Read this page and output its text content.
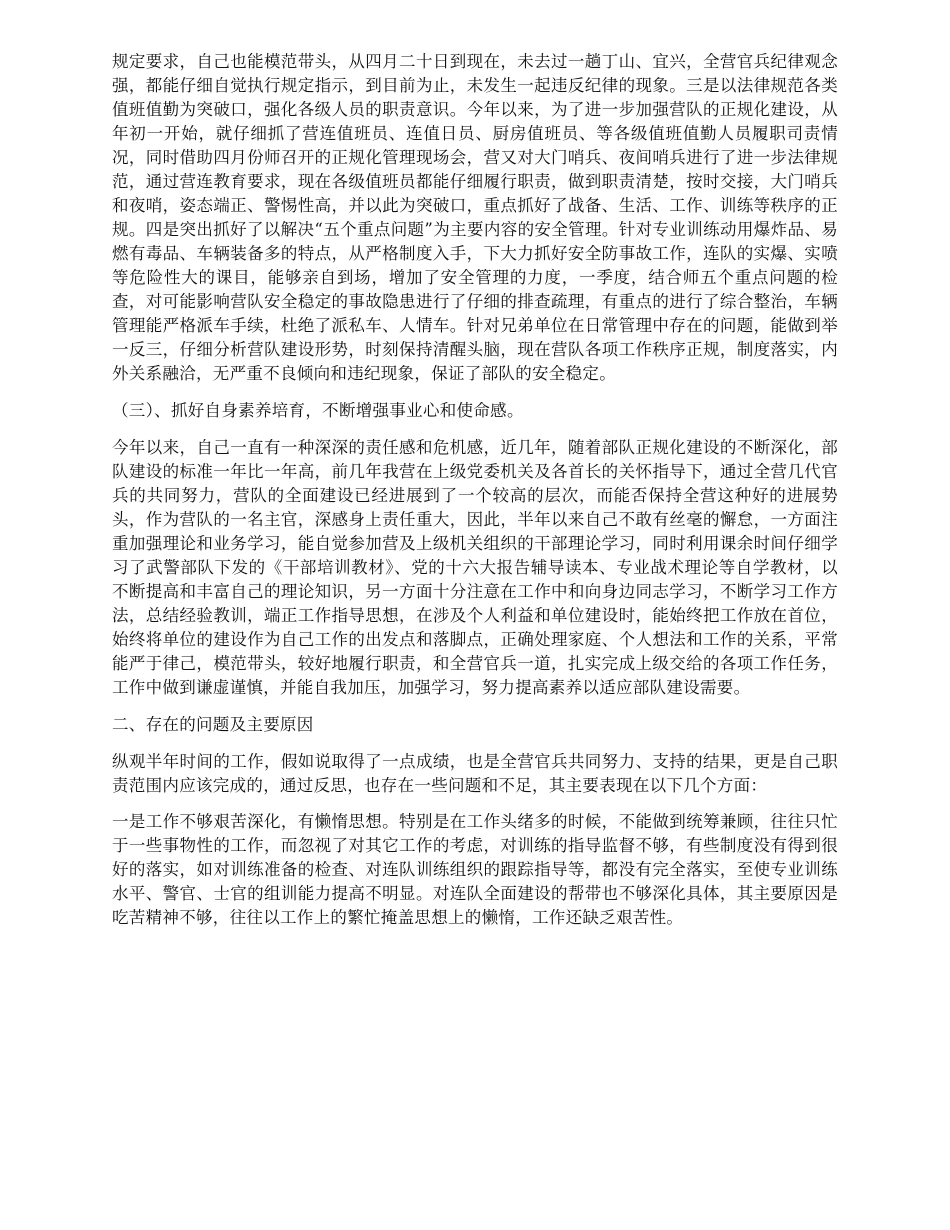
规定要求，自己也能模范带头，从四月二十日到现在，未去过一趟丁山、宜兴，全营官兵纪律观念强，都能仔细自觉执行规定指示，到目前为止，未发生一起违反纪律的现象。三是以法律规范各类值班值勤为突破口，强化各级人员的职责意识。今年以来，为了进一步加强营队的正规化建设，从年初一开始，就仔细抓了营连值班员、连值日员、厨房值班员、等各级值班值勤人员履职司责情况，同时借助四月份师召开的正规化管理现场会，营又对大门哨兵、夜间哨兵进行了进一步法律规范，通过营连教育要求，现在各级值班员都能仔细履行职责，做到职责清楚，按时交接，大门哨兵和夜哨，姿态端正、警惕性高，并以此为突破口，重点抓好了战备、生活、工作、训练等秩序的正规。四是突出抓好了以解决“五个重点问题”为主要内容的安全管理。针对专业训练动用爆炸品、易燃有毒品、车辆装备多的特点，从严格制度入手，下大力抓好安全防事故工作，连队的实爆、实喷等危险性大的课目，能够亲自到场，增加了安全管理的力度，一季度，结合师五个重点问题的检查，对可能影响营队安全稳定的事故隐患进行了仔细的排查疏理，有重点的进行了综合整治，车辆管理能严格派车手续，杜绝了派私车、人情车。针对兄弟单位在日常管理中存在的问题，能做到举一反三，仔细分析营队建设形势，时刻保持清醒头脑，现在营队各项工作秩序正规，制度落实，内外关系融洽，无严重不良倾向和违纪现象，保证了部队的安全稳定。

（三）、抓好自身素养培育，不断增强事业心和使命感。

今年以来，自己一直有一种深深的责任感和危机感，近几年，随着部队正规化建设的不断深化，部队建设的标准一年比一年高，前几年我营在上级党委机关及各首长的关怀指导下，通过全营几代官兵的共同努力，营队的全面建设已经进展到了一个较高的层次，而能否保持全营这种好的进展势头，作为营队的一名主官，深感身上责任重大，因此，半年以来自己不敢有丝毫的懈怠，一方面注重加强理论和业务学习，能自觉参加营及上级机关组织的干部理论学习，同时利用课余时间仔细学习了武警部队下发的《干部培训教材》、党的十六大报告辅导读本、专业战术理论等自学教材，以不断提高和丰富自己的理论知识，另一方面十分注意在工作中和向身边同志学习，不断学习工作方法，总结经验教训，端正工作指导思想，在涉及个人利益和单位建设时，能始终把工作放在首位，始终将单位的建设作为自己工作的出发点和落脚点，正确处理家庭、个人想法和工作的关系，平常能严于律己，模范带头，较好地履行职责，和全营官兵一道，扎实完成上级交给的各项工作任务，工作中做到谦虚谨慎，并能自我加压，加强学习，努力提高素养以适应部队建设需要。

二、存在的问题及主要原因

纵观半年时间的工作，假如说取得了一点成绩，也是全营官兵共同努力、支持的结果，更是自己职责范围内应该完成的，通过反思，也存在一些问题和不足，其主要表现在以下几个方面：

一是工作不够艰苦深化，有懒惰思想。特别是在工作头绪多的时候，不能做到统筹兼顾，往往只忙于一些事物性的工作，而忽视了对其它工作的考虑，对训练的指导监督不够，有些制度没有得到很好的落实，如对训练准备的检查、对连队训练组织的跟踪指导等，都没有完全落实，至使专业训练水平、警官、士官的组训能力提高不明显。对连队全面建设的帮带也不够深化具体，其主要原因是吃苦精神不够，往往以工作上的繁忙掩盖思想上的懒惰，工作还缺乏艰苦性。
